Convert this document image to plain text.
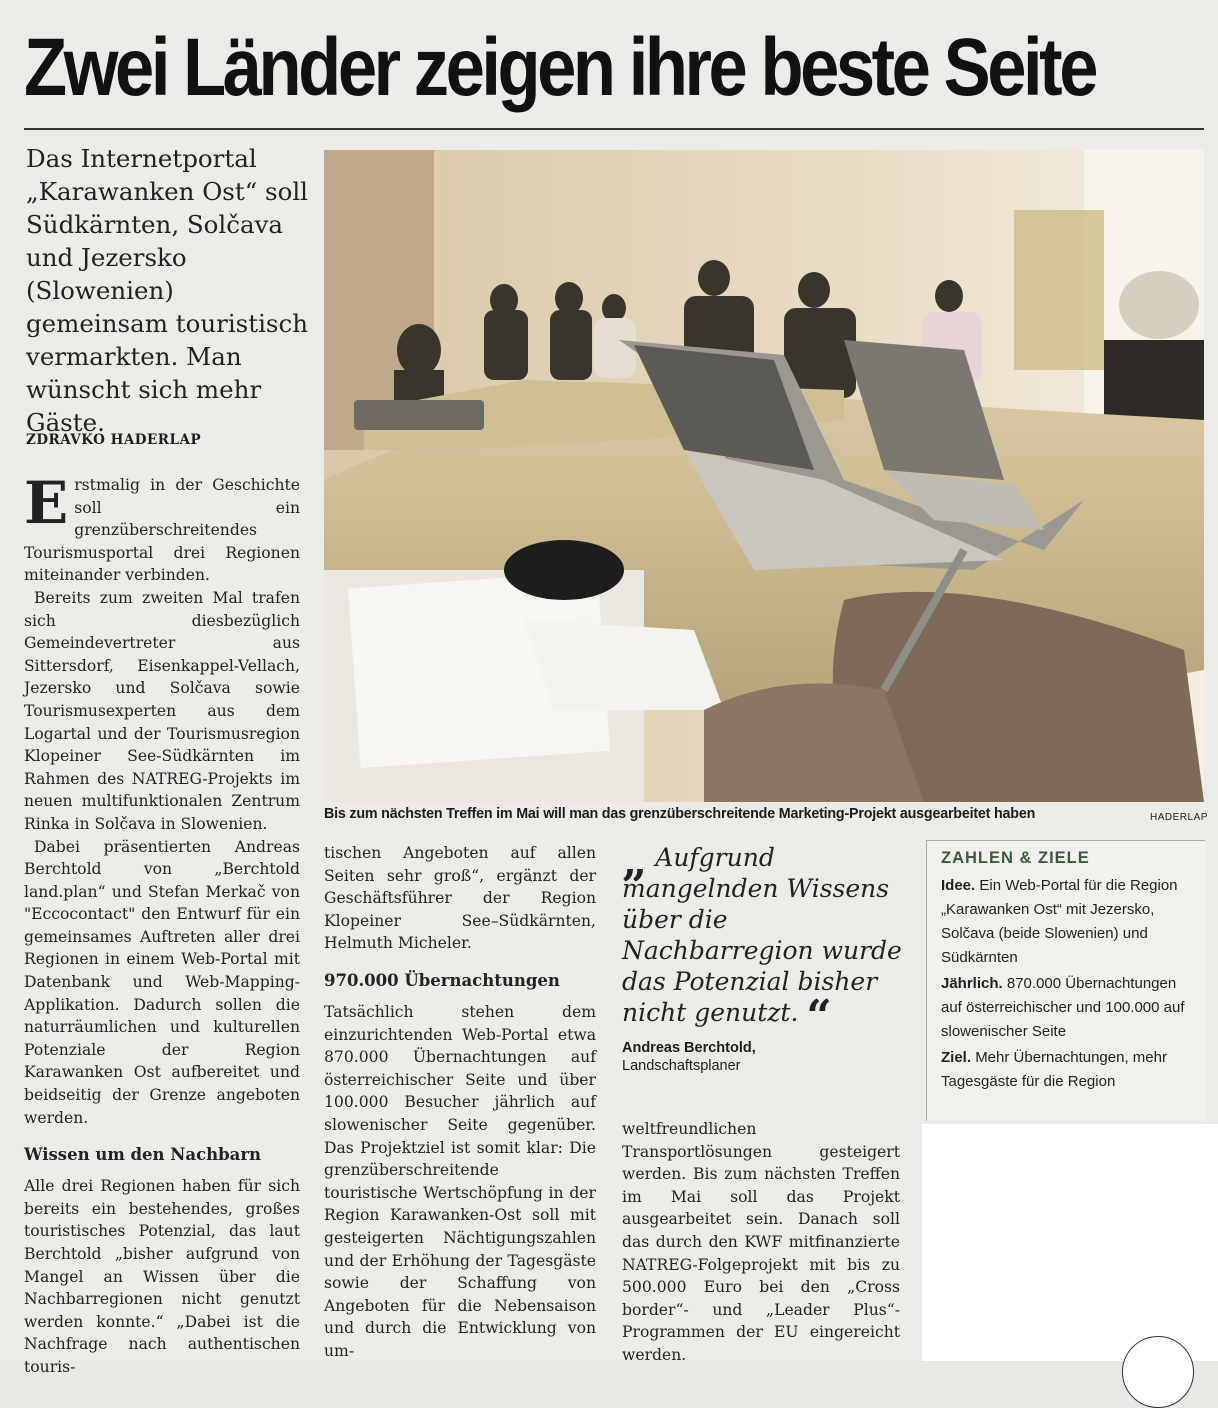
Zwei Länder zeigen ihre beste Seite
Das Internetportal „Karawanken Ost“ soll Südkärnten, Solčava und Jezersko (Slowenien) gemeinsam touristisch vermarkten. Man wünscht sich mehr Gäste.
ZDRAVKO HADERLAP

Erstmalig in der Geschichte soll ein grenzüberschreitendes Tourismusportal drei Regionen miteinander verbinden.

Bereits zum zweiten Mal trafen sich diesbezüglich Gemeindevertreter aus Sittersdorf, Eisenkappel-Vellach, Jezersko und Solčava sowie Tourismusexperten aus dem Logartal und der Tourismusregion Klopeiner See-Südkärnten im Rahmen des NATREG-Projekts im neuen multifunktionalen Zentrum Rinka in Solčava in Slowenien.

Dabei präsentierten Andreas Berchtold von „Berchtold land.plan“ und Stefan Merkač von "Eccocontact" den Entwurf für ein gemeinsames Auftreten aller drei Regionen in einem Web-Portal mit Datenbank und Web-Mapping-Applikation. Dadurch sollen die naturräumlichen und kulturellen Potenziale der Region Karawanken Ost aufbereitet und beidseitig der Grenze angeboten werden.

Wissen um den Nachbarn

Alle drei Regionen haben für sich bereits ein bestehendes, großes touristisches Potenzial, das laut Berchtold „bisher aufgrund von Mangel an Wissen über die Nachbarregionen nicht genutzt werden konnte.“ „Dabei ist die Nachfrage nach authentischen touris-

Bis zum nächsten Treffen im Mai will man das grenzüberschreitende Marketing-Projekt ausgearbeitet haben	HADERLAP

tischen Angeboten auf allen Seiten sehr groß“, ergänzt der Geschäftsführer der Region Klopeiner See–Südkärnten, Helmuth Micheler.

970.000 Übernachtungen

Tatsächlich stehen dem einzurichtenden Web-Portal etwa 870.000 Übernachtungen auf österreichischer Seite und über 100.000 Besucher jährlich auf slowenischer Seite gegenüber. Das Projektziel ist somit klar: Die grenzüberschreitende touristische Wertschöpfung in der Region Karawanken-Ost soll mit gesteigerten Nächtigungszahlen und der Erhöhung der Tagesgäste sowie der Schaffung von Angeboten für die Nebensaison und durch die Entwicklung von um-

„ Aufgrund mangelnden Wissens über die Nachbarregion wurde das Potenzial bisher nicht genutzt. “
Andreas Berchtold,
Landschaftsplaner
ZAHLEN & ZIELE
Idee. Ein Web-Portal für die Region „Karawanken Ost“ mit Jezersko, Solčava (beide Slowenien) und Südkärnten
Jährlich. 870.000 Übernachtungen auf österreichischer und 100.000 auf slowenischer Seite
Ziel. Mehr Übernachtungen, mehr Tagesgäste für die Region

weltfreundlichen Transportlösungen gesteigert werden. Bis zum nächsten Treffen im Mai soll das Projekt ausgearbeitet sein. Danach soll das durch den KWF mitfinanzierte NATREG-Folgeprojekt mit bis zu 500.000 Euro bei den „Cross border“- und „Leader Plus“-Programmen der EU eingereicht werden.
